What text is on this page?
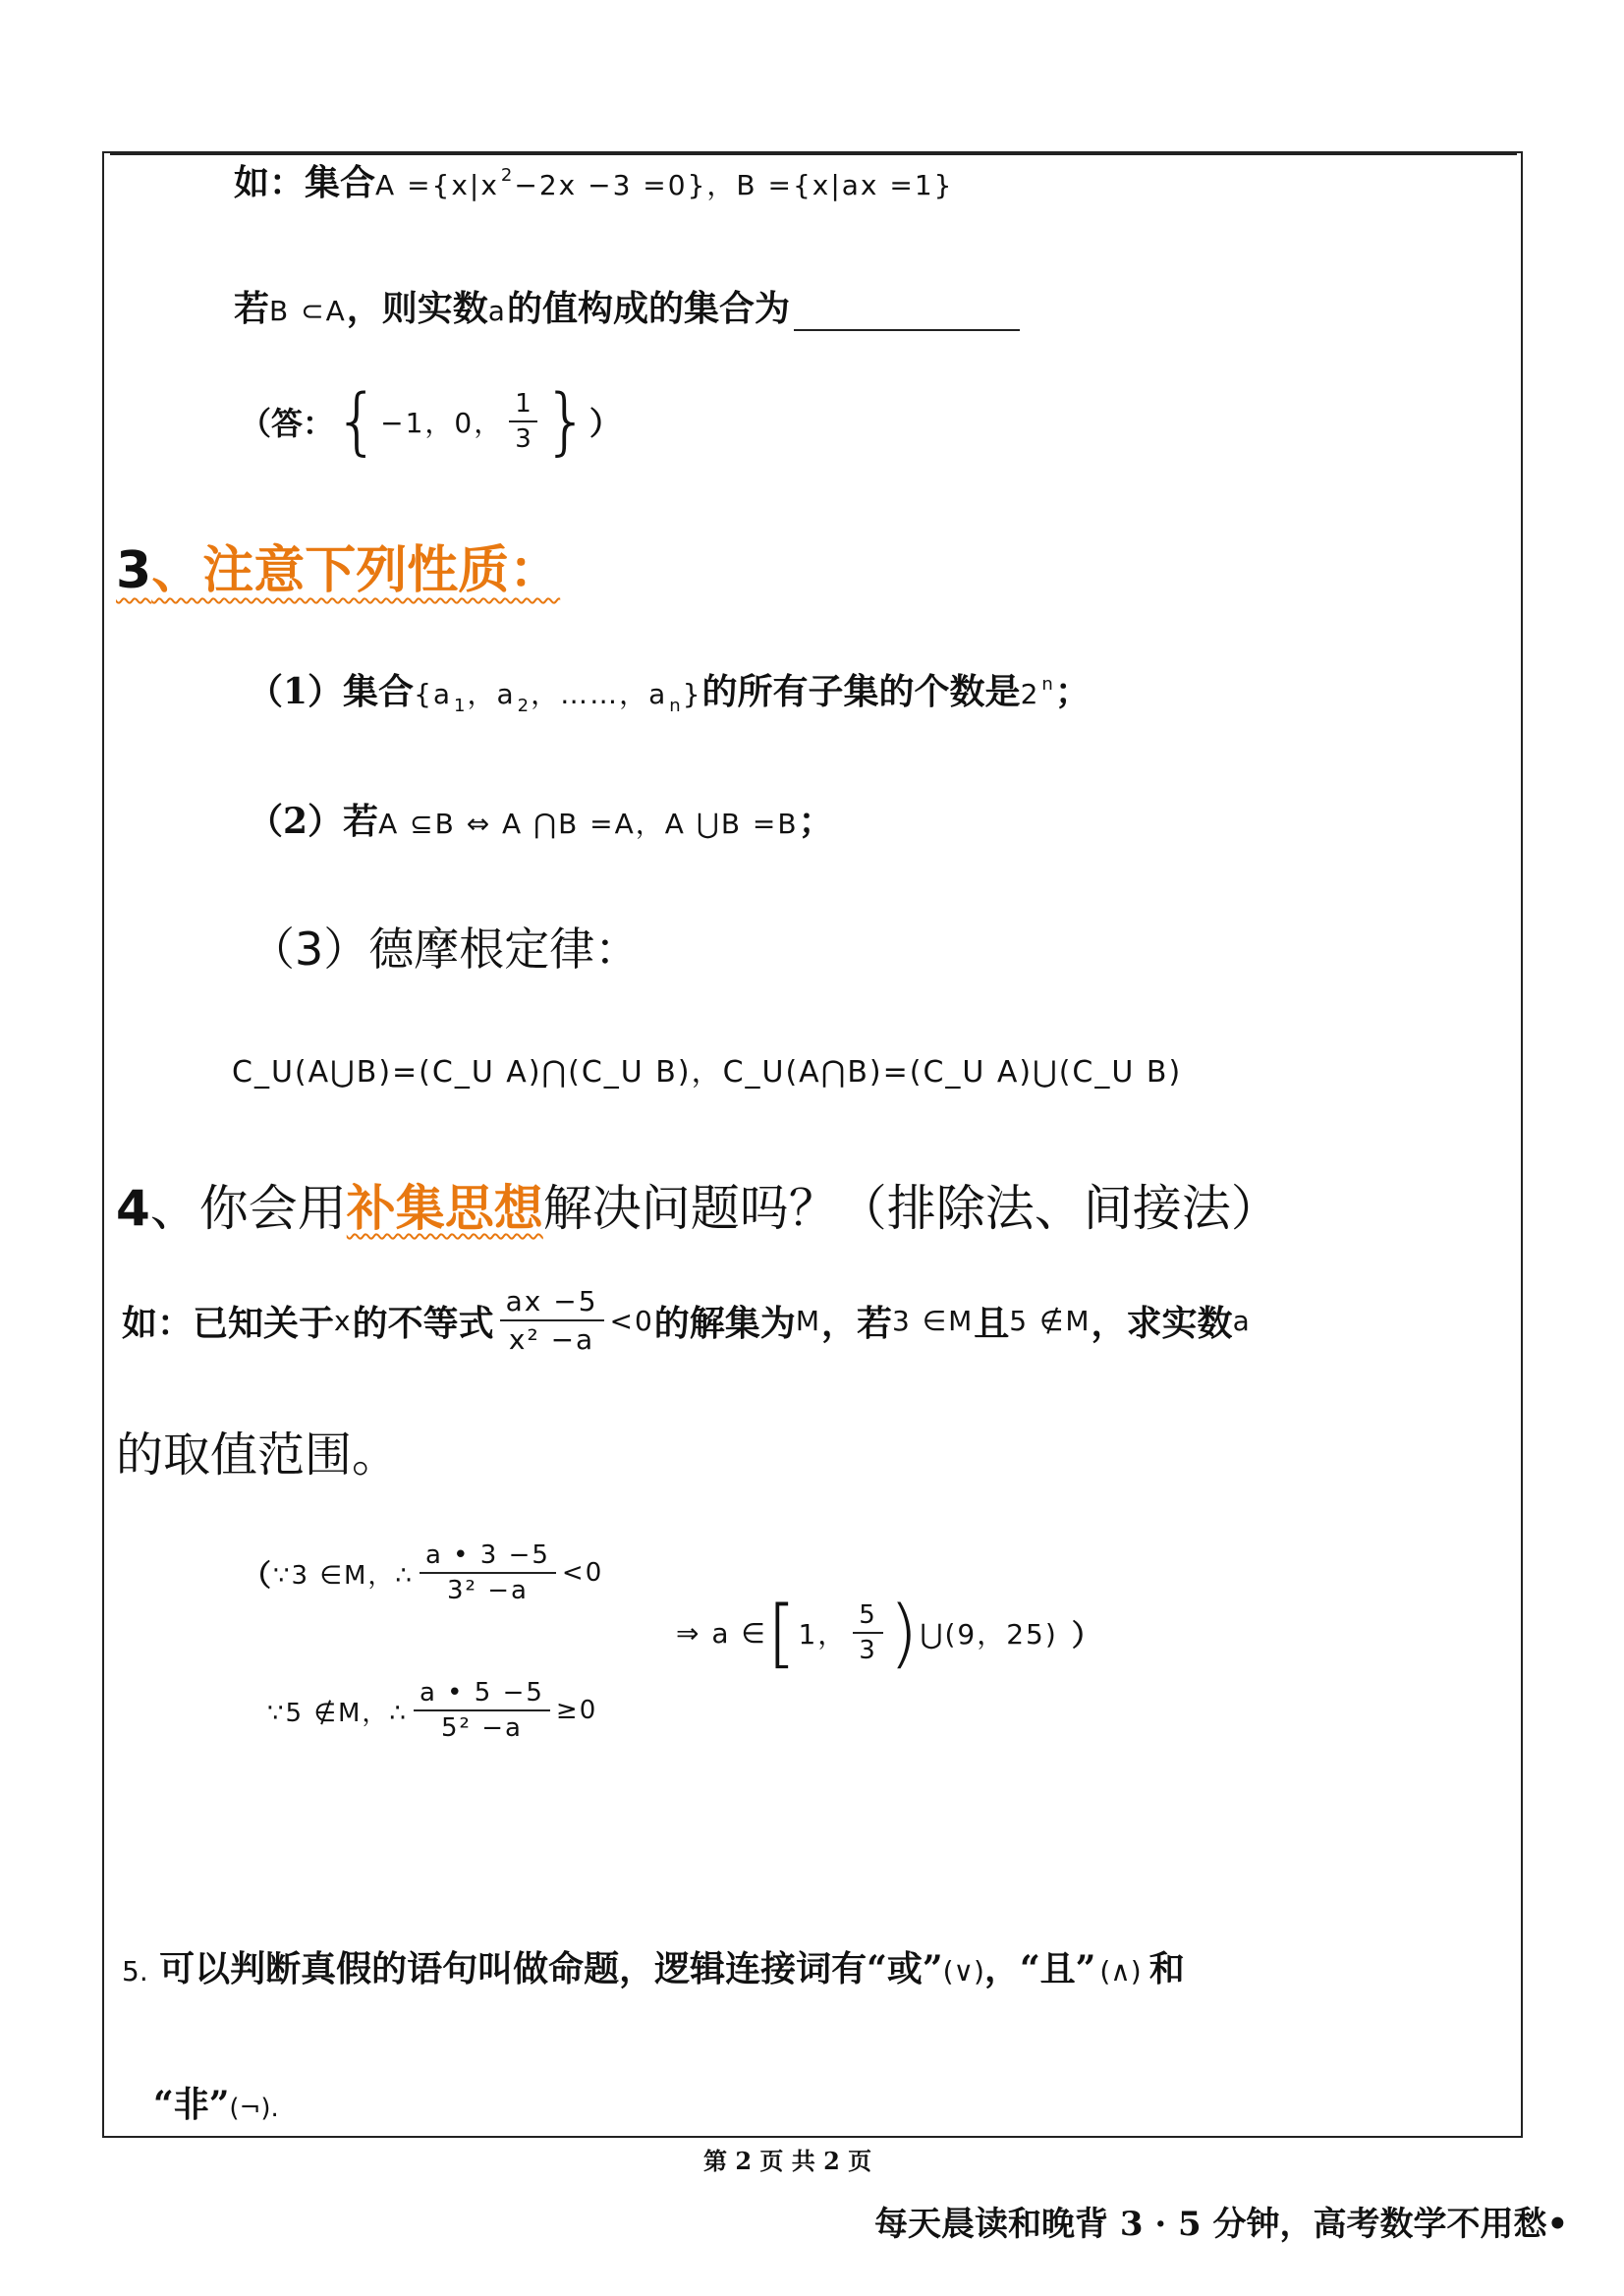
如：集合A ={x|x $^2$−2x −3 =0}，B ={x|ax =1}
若B ⊂A，则实数a的值构成的集合为
（答： { −1，0， $\frac{1}{3}$ } ）
3、注意下列性质：
（1）集合{a $_1$，a $_2$，……，a $_n$}的所有子集的个数是2 $^n$；
（2）若A ⊆B ⇔ A ⋂B =A，A ⋃B =B；
（3）德摩根定律：
C_U(A⋃B)=(C_U A)⋂(C_U B)，C_U(A⋂B)=(C_U A)⋃(C_U B)
4、你会用补集思想解决问题吗？（排除法、间接法）
如：已知关于 x 的不等式 $\frac{ax -5}{\text{x² −a}} <0$ 的解集为 M ，若 3 ∈M 且 5 ∉M ，求实数 a
的取值范围。
（ ∵3 ∈M，∴ $\frac{a • 3 -5}{\text{3² −a}} <0$
∵5 ∉M，∴ $\frac{a • 5 -5}{\text{5² −a}} \ge 0$
⇒ a ∈ [ 1， $\frac{5}{3}$ ) ⋃(9，25) ）
5. 可以判断真假的语句叫做命题，逻辑连接词有“或”(∨)，“且” (∧) 和
“非”(¬).
第 2 页 共 2 页
每天晨读和晚背 3 · 5 分钟，高考数学不用愁•
